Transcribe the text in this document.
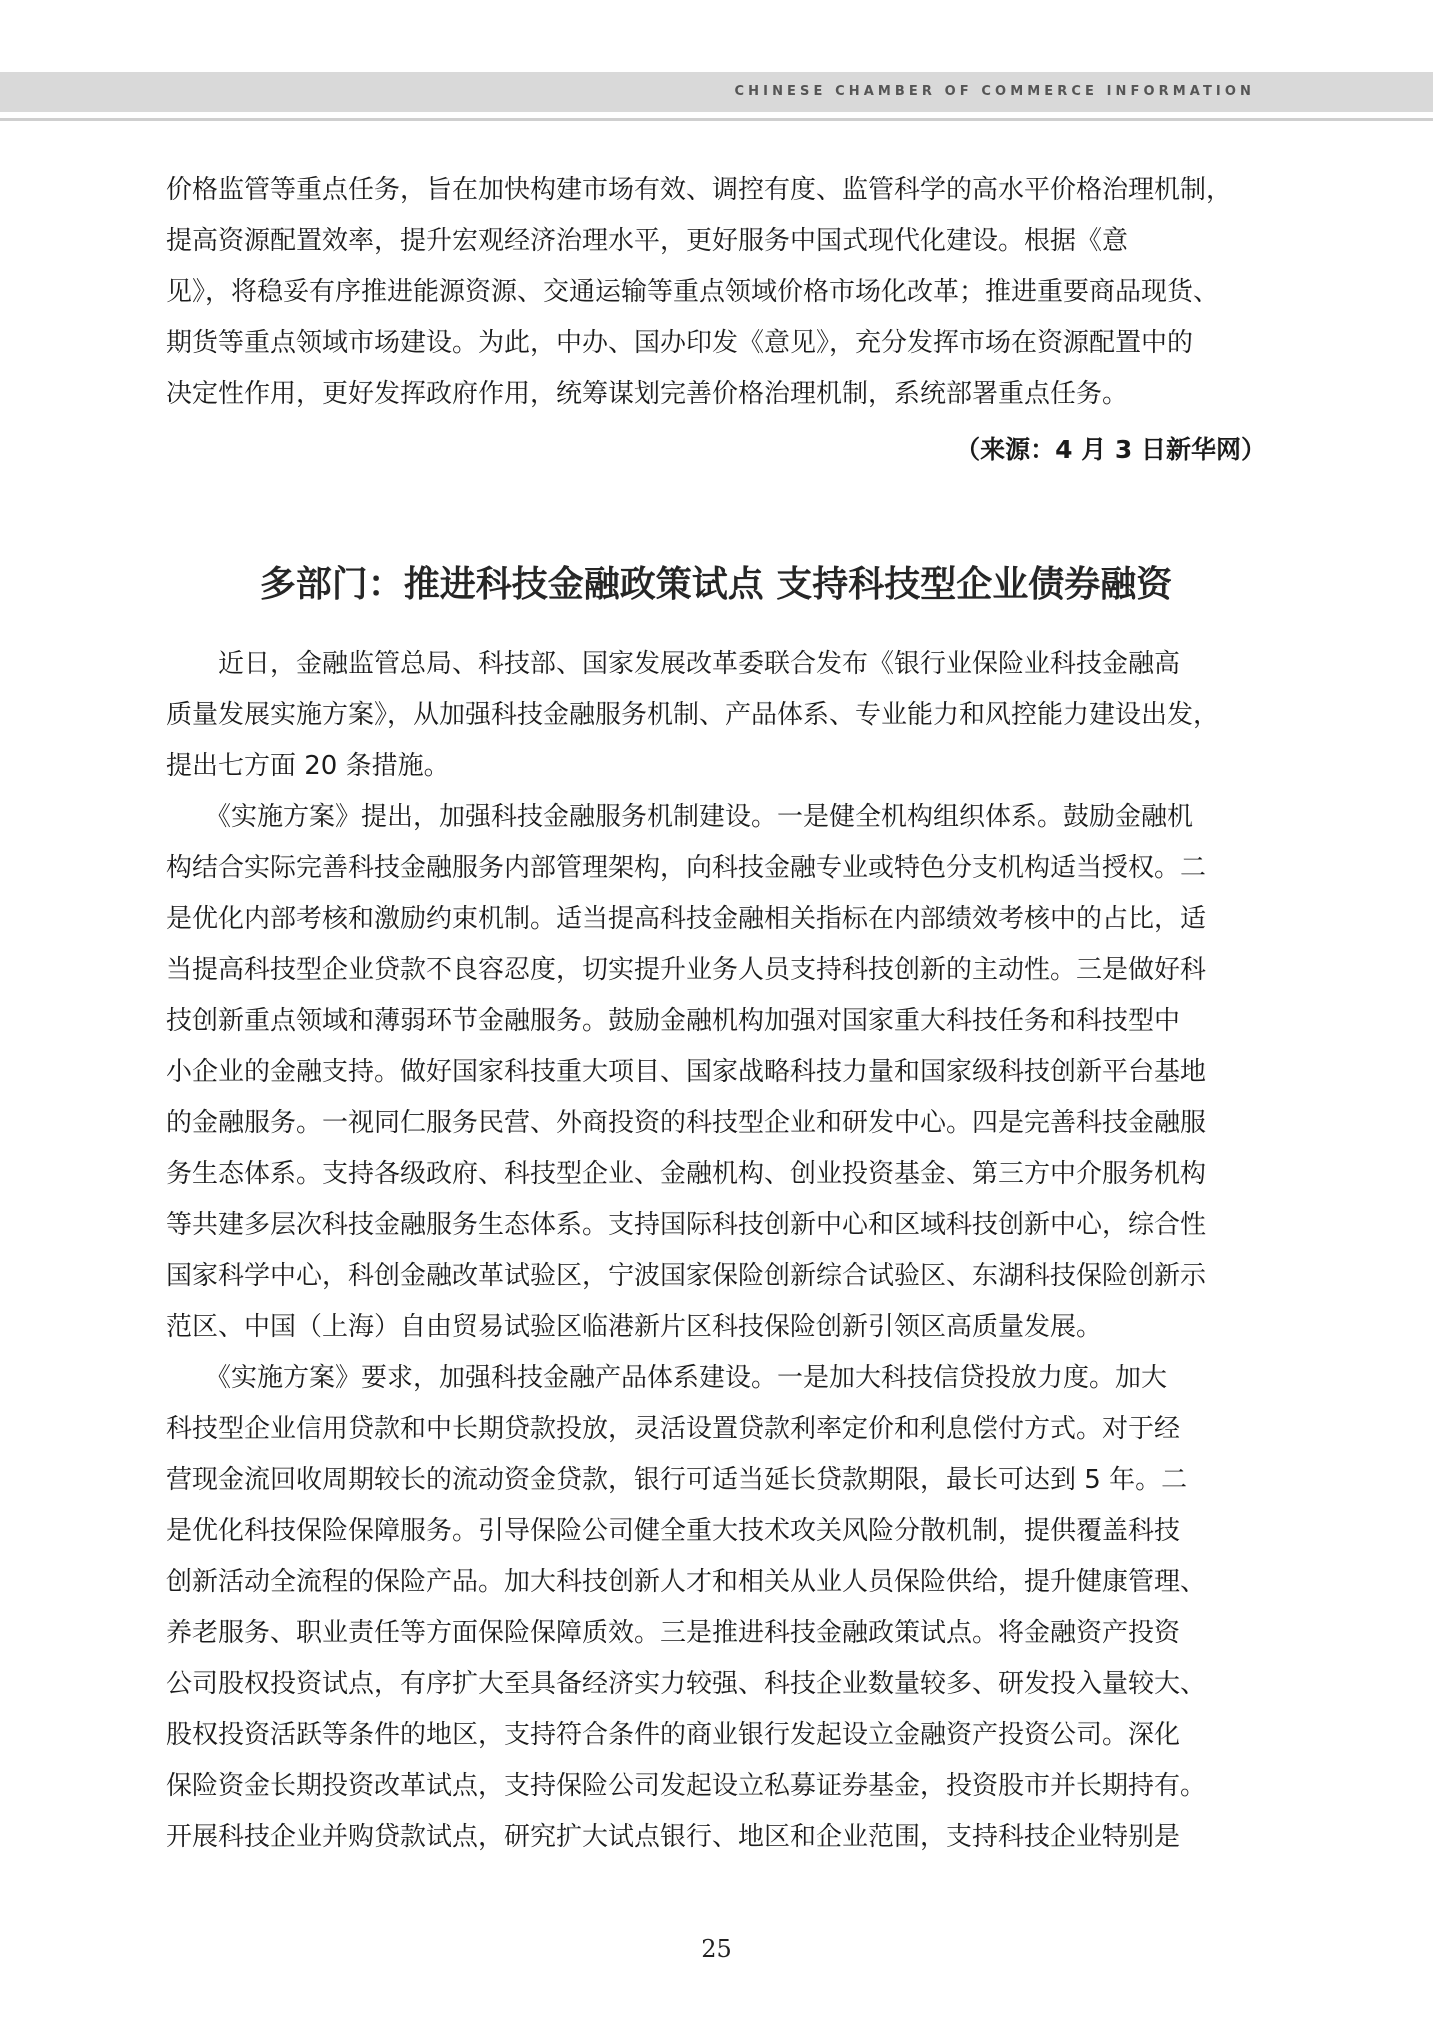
CHINESE CHAMBER OF COMMERCE INFORMATION
价格监管等重点任务，旨在加快构建市场有效、调控有度、监管科学的高水平价格治理机制，
提高资源配置效率，提升宏观经济治理水平，更好服务中国式现代化建设。根据《意
见》，将稳妥有序推进能源资源、交通运输等重点领域价格市场化改革；推进重要商品现货、
期货等重点领域市场建设。为此，中办、国办印发《意见》，充分发挥市场在资源配置中的
决定性作用，更好发挥政府作用，统筹谋划完善价格治理机制，系统部署重点任务。
（来源：4 月 3 日新华网）
多部门：推进科技金融政策试点 支持科技型企业债券融资
　　近日，金融监管总局、科技部、国家发展改革委联合发布《银行业保险业科技金融高
质量发展实施方案》，从加强科技金融服务机制、产品体系、专业能力和风控能力建设出发，
提出七方面 20 条措施。
　　《实施方案》提出，加强科技金融服务机制建设。一是健全机构组织体系。鼓励金融机
构结合实际完善科技金融服务内部管理架构，向科技金融专业或特色分支机构适当授权。二
是优化内部考核和激励约束机制。适当提高科技金融相关指标在内部绩效考核中的占比，适
当提高科技型企业贷款不良容忍度，切实提升业务人员支持科技创新的主动性。三是做好科
技创新重点领域和薄弱环节金融服务。鼓励金融机构加强对国家重大科技任务和科技型中
小企业的金融支持。做好国家科技重大项目、国家战略科技力量和国家级科技创新平台基地
的金融服务。一视同仁服务民营、外商投资的科技型企业和研发中心。四是完善科技金融服
务生态体系。支持各级政府、科技型企业、金融机构、创业投资基金、第三方中介服务机构
等共建多层次科技金融服务生态体系。支持国际科技创新中心和区域科技创新中心，综合性
国家科学中心，科创金融改革试验区，宁波国家保险创新综合试验区、东湖科技保险创新示
范区、中国（上海）自由贸易试验区临港新片区科技保险创新引领区高质量发展。
　　《实施方案》要求，加强科技金融产品体系建设。一是加大科技信贷投放力度。加大
科技型企业信用贷款和中长期贷款投放，灵活设置贷款利率定价和利息偿付方式。对于经
营现金流回收周期较长的流动资金贷款，银行可适当延长贷款期限，最长可达到 5 年。二
是优化科技保险保障服务。引导保险公司健全重大技术攻关风险分散机制，提供覆盖科技
创新活动全流程的保险产品。加大科技创新人才和相关从业人员保险供给，提升健康管理、
养老服务、职业责任等方面保险保障质效。三是推进科技金融政策试点。将金融资产投资
公司股权投资试点，有序扩大至具备经济实力较强、科技企业数量较多、研发投入量较大、
股权投资活跃等条件的地区，支持符合条件的商业银行发起设立金融资产投资公司。深化
保险资金长期投资改革试点，支持保险公司发起设立私募证券基金，投资股市并长期持有。
开展科技企业并购贷款试点，研究扩大试点银行、地区和企业范围，支持科技企业特别是
25
